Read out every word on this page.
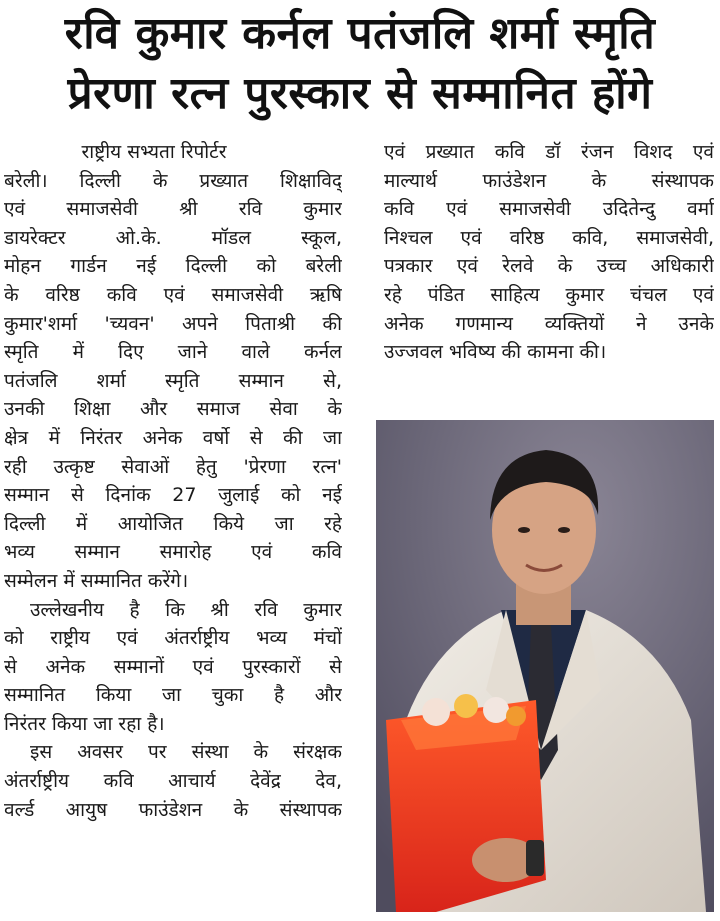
रवि कुमार कर्नल पतंजलि शर्मा स्मृति
प्रेरणा रत्न पुरस्कार से सम्मानित होंगे
राष्ट्रीय सभ्यता रिपोर्टर
बरेली। दिल्ली के प्रख्यात शिक्षाविद्
एवं समाजसेवी श्री रवि कुमार
डायरेक्टर ओ.के. मॉडल स्कूल,
मोहन गार्डन नई दिल्ली को बरेली
के वरिष्ठ कवि एवं समाजसेवी ऋषि
कुमार'शर्मा 'च्यवन' अपने पिताश्री की
स्मृति में दिए जाने वाले कर्नल
पतंजलि शर्मा स्मृति सम्मान से,
उनकी शिक्षा और समाज सेवा के
क्षेत्र में निरंतर अनेक वर्षो से की जा
रही उत्कृष्ट सेवाओं हेतु 'प्रेरणा रत्न'
सम्मान से दिनांक 27 जुलाई को नई
दिल्ली में आयोजित किये जा रहे
भव्य सम्मान समारोह एवं कवि
सम्मेलन में सम्मानित करेंगे।
उल्लेखनीय है कि श्री रवि कुमार
को राष्ट्रीय एवं अंतर्राष्ट्रीय भव्य मंचों
से अनेक सम्मानों एवं पुरस्कारों से
सम्मानित किया जा चुका है और
निरंतर किया जा रहा है।
इस अवसर पर संस्था के संरक्षक
अंतर्राष्ट्रीय कवि आचार्य देवेंद्र देव,
वर्ल्ड आयुष फाउंडेशन के संस्थापक
एवं प्रख्यात कवि डॉ रंजन विशद एवं
माल्यार्थ फाउंडेशन के संस्थापक
कवि एवं समाजसेवी उदितेन्दु वर्मा
निश्चल एवं वरिष्ठ कवि, समाजसेवी,
पत्रकार एवं रेलवे के उच्च अधिकारी
रहे पंडित साहित्य कुमार चंचल एवं
अनेक गणमान्य व्यक्तियों ने उनके
उज्जवल भविष्य की कामना की।
